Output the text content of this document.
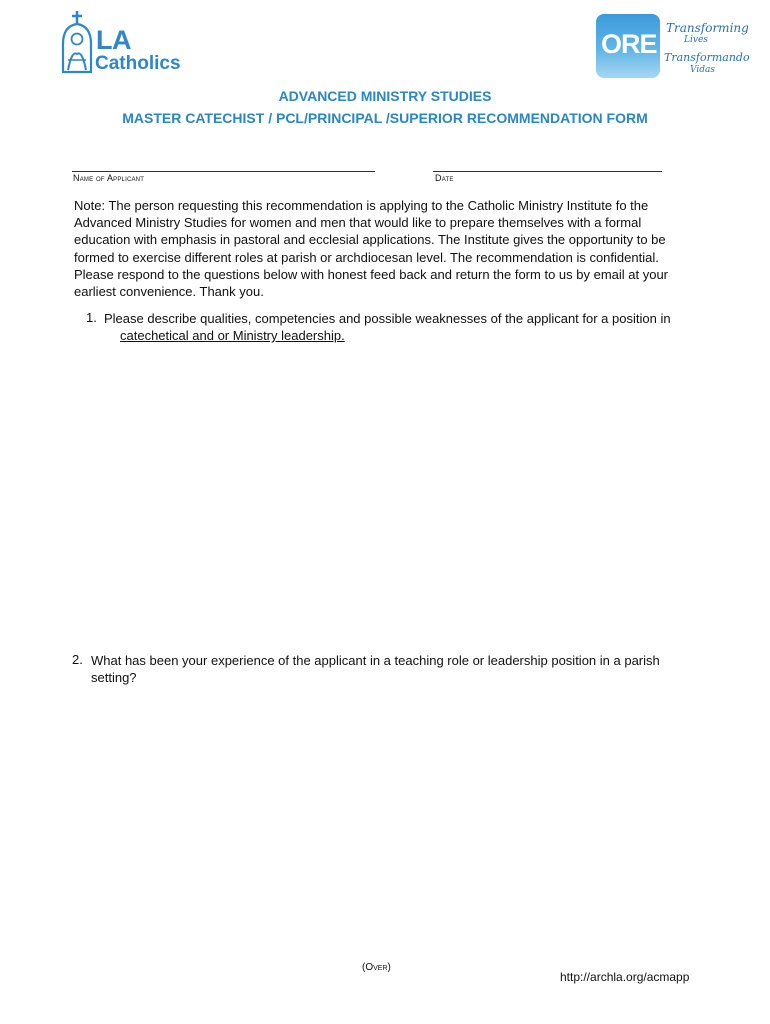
LA
Catholics
ORE
Transforming
Lives
Transformando
Vidas
ADVANCED MINISTRY STUDIES
MASTER CATECHIST / PCL/PRINCIPAL /SUPERIOR RECOMMENDATION FORM
Name of Applicant	Date
Note: The person requesting this recommendation is applying to the Catholic Ministry Institute fo the Advanced Ministry Studies for women and men that would like to prepare themselves with a formal education with emphasis in pastoral and ecclesial applications. The Institute gives the opportunity to be formed to exercise different roles at parish or archdiocesan level. The recommendation is confidential. Please respond to the questions below with honest feed back and return the form to us by email at your earliest convenience. Thank you.
1. Please describe qualities, competencies and possible weaknesses of the applicant for a position in
catechetical and or Ministry leadership.
2. What has been your experience of the applicant in a teaching role or leadership position in a parish setting?
(Over)
http://archla.org/acmapp
